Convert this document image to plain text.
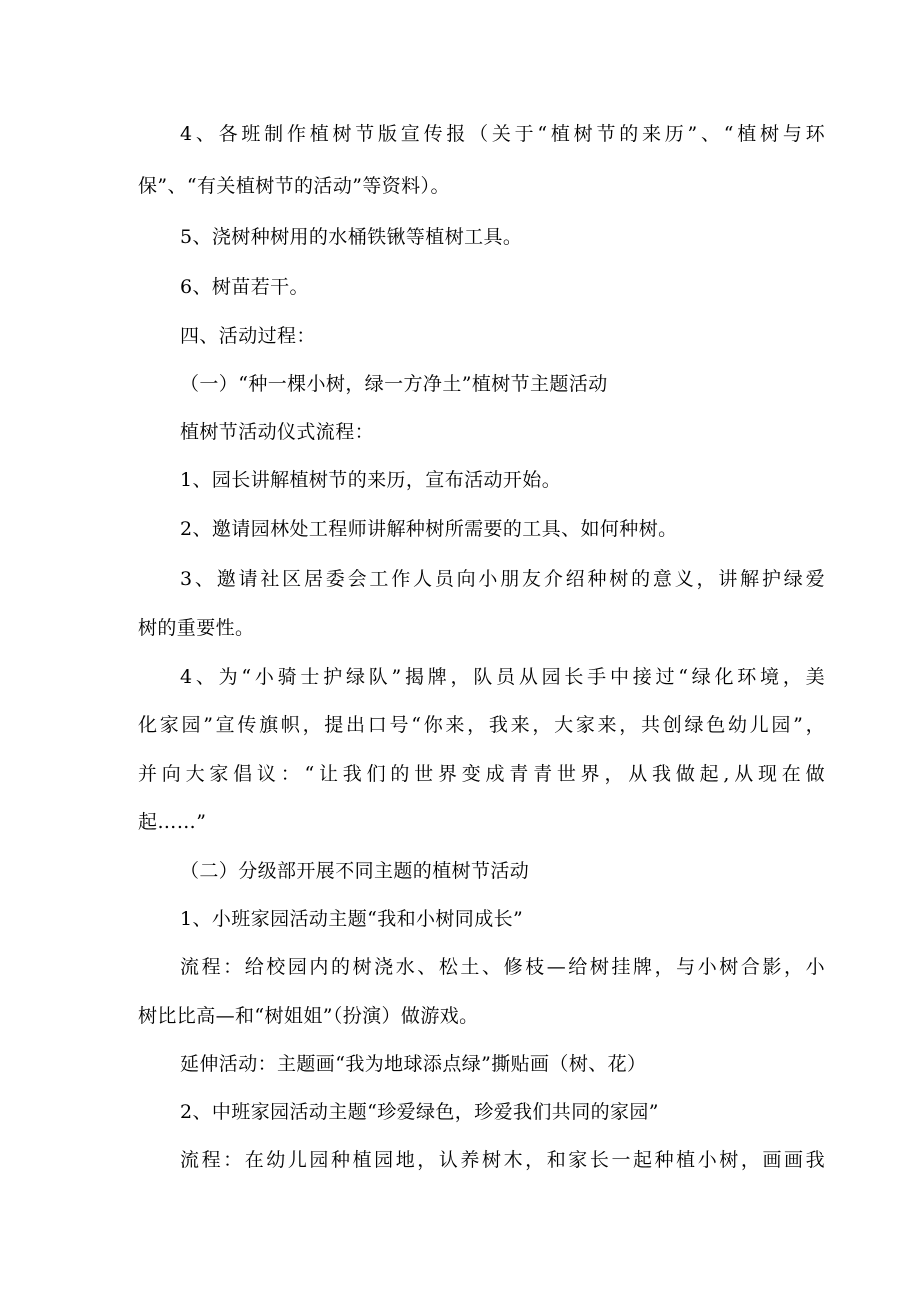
4、各班制作植树节版宣传报（关于“植树节的来历”、“植树与环
保”、“有关植树节的活动”等资料）。
5、浇树种树用的水桶铁锹等植树工具。
6、树苗若干。
四、活动过程：
（一）“种一棵小树，绿一方净土”植树节主题活动
植树节活动仪式流程：
1、园长讲解植树节的来历，宣布活动开始。
2、邀请园林处工程师讲解种树所需要的工具、如何种树。
3、邀请社区居委会工作人员向小朋友介绍种树的意义，讲解护绿爱
树的重要性。
4、为“小骑士护绿队”揭牌，队员从园长手中接过“绿化环境，美
化家园”宣传旗帜，提出口号“你来，我来，大家来，共创绿色幼儿园”，
并向大家倡议：“让我们的世界变成青青世界，从我做起,从现在做
起……”
（二）分级部开展不同主题的植树节活动
1、小班家园活动主题“我和小树同成长”
流程：给校园内的树浇水、松土、修枝—给树挂牌，与小树合影，小
树比比高—和“树姐姐”（扮演）做游戏。
延伸活动：主题画“我为地球添点绿”撕贴画（树、花）
2、中班家园活动主题“珍爱绿色，珍爱我们共同的家园”
流程：在幼儿园种植园地，认养树木，和家长一起种植小树，画画我
